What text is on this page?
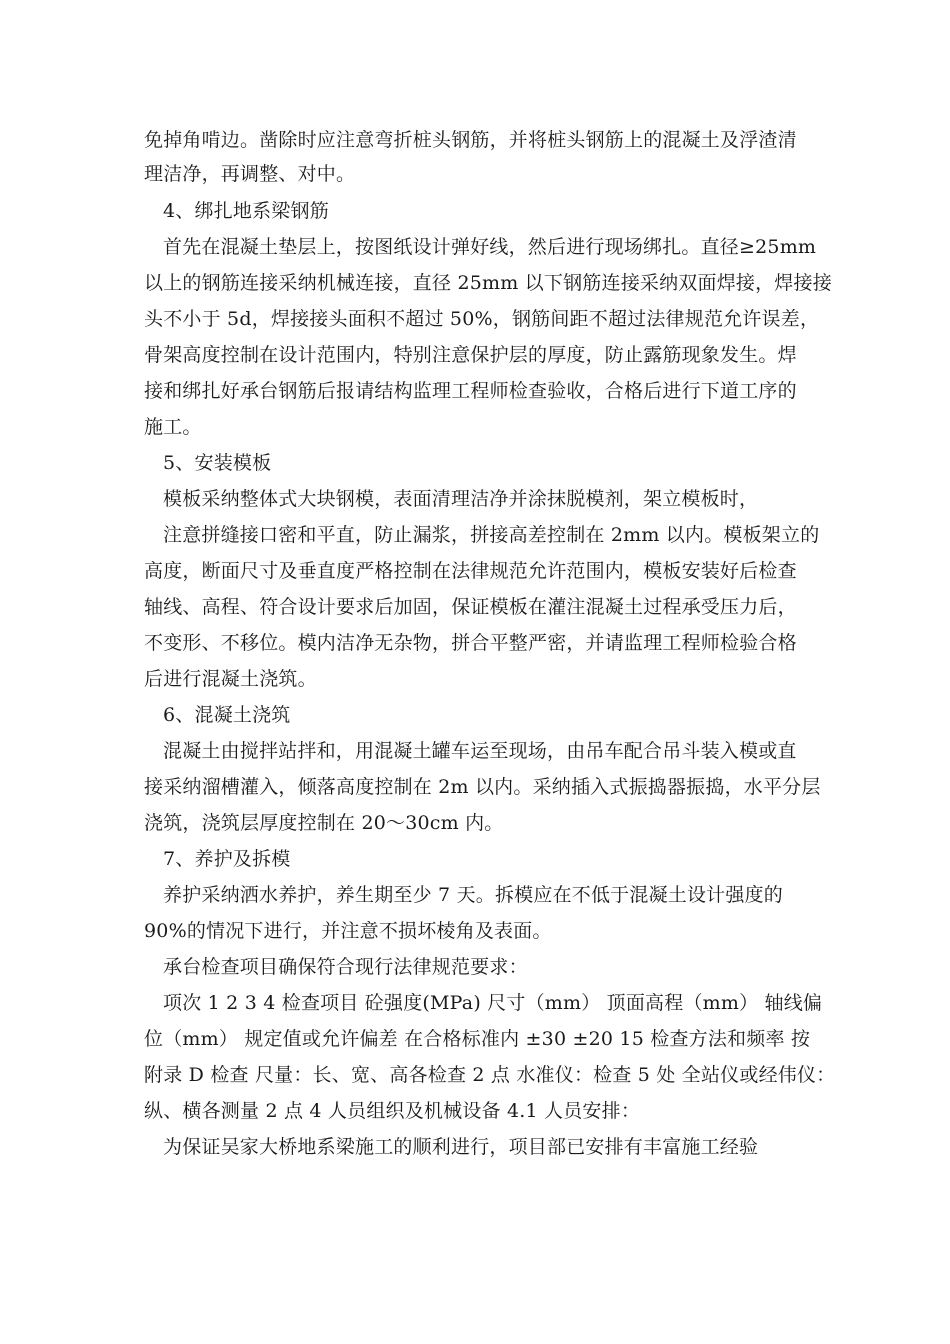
免掉角啃边。凿除时应注意弯折桩头钢筋，并将桩头钢筋上的混凝土及浮渣清
理洁净，再调整、对中。
4、绑扎地系梁钢筋
首先在混凝土垫层上，按图纸设计弹好线，然后进行现场绑扎。直径≥25mm
以上的钢筋连接采纳机械连接，直径 25mm 以下钢筋连接采纳双面焊接，焊接接
头不小于 5d，焊接接头面积不超过 50%，钢筋间距不超过法律规范允许误差，
骨架高度控制在设计范围内，特别注意保护层的厚度，防止露筋现象发生。焊
接和绑扎好承台钢筋后报请结构监理工程师检查验收，合格后进行下道工序的
施工。
5、安装模板
模板采纳整体式大块钢模，表面清理洁净并涂抹脱模剂，架立模板时，
注意拼缝接口密和平直，防止漏浆，拼接高差控制在 2mm 以内。模板架立的
高度，断面尺寸及垂直度严格控制在法律规范允许范围内，模板安装好后检查
轴线、高程、符合设计要求后加固，保证模板在灌注混凝土过程承受压力后，
不变形、不移位。模内洁净无杂物，拼合平整严密，并请监理工程师检验合格
后进行混凝土浇筑。
6、混凝土浇筑
混凝土由搅拌站拌和，用混凝土罐车运至现场，由吊车配合吊斗装入模或直
接采纳溜槽灌入，倾落高度控制在 2m 以内。采纳插入式振捣器振捣，水平分层
浇筑，浇筑层厚度控制在 20～30cm 内。
7、养护及拆模
养护采纳洒水养护，养生期至少 7 天。拆模应在不低于混凝土设计强度的
90%的情况下进行，并注意不损坏棱角及表面。
承台检查项目确保符合现行法律规范要求：
项次 1 2 3 4 检查项目 砼强度(MPa) 尺寸（mm） 顶面高程（mm） 轴线偏
位（mm） 规定值或允许偏差 在合格标准内 ±30 ±20 15 检查方法和频率 按
附录 D 检查 尺量：长、宽、高各检查 2 点 水准仪：检查 5 处 全站仪或经伟仪：
纵、横各测量 2 点 4 人员组织及机械设备 4.1 人员安排：
为保证吴家大桥地系梁施工的顺利进行，项目部已安排有丰富施工经验
